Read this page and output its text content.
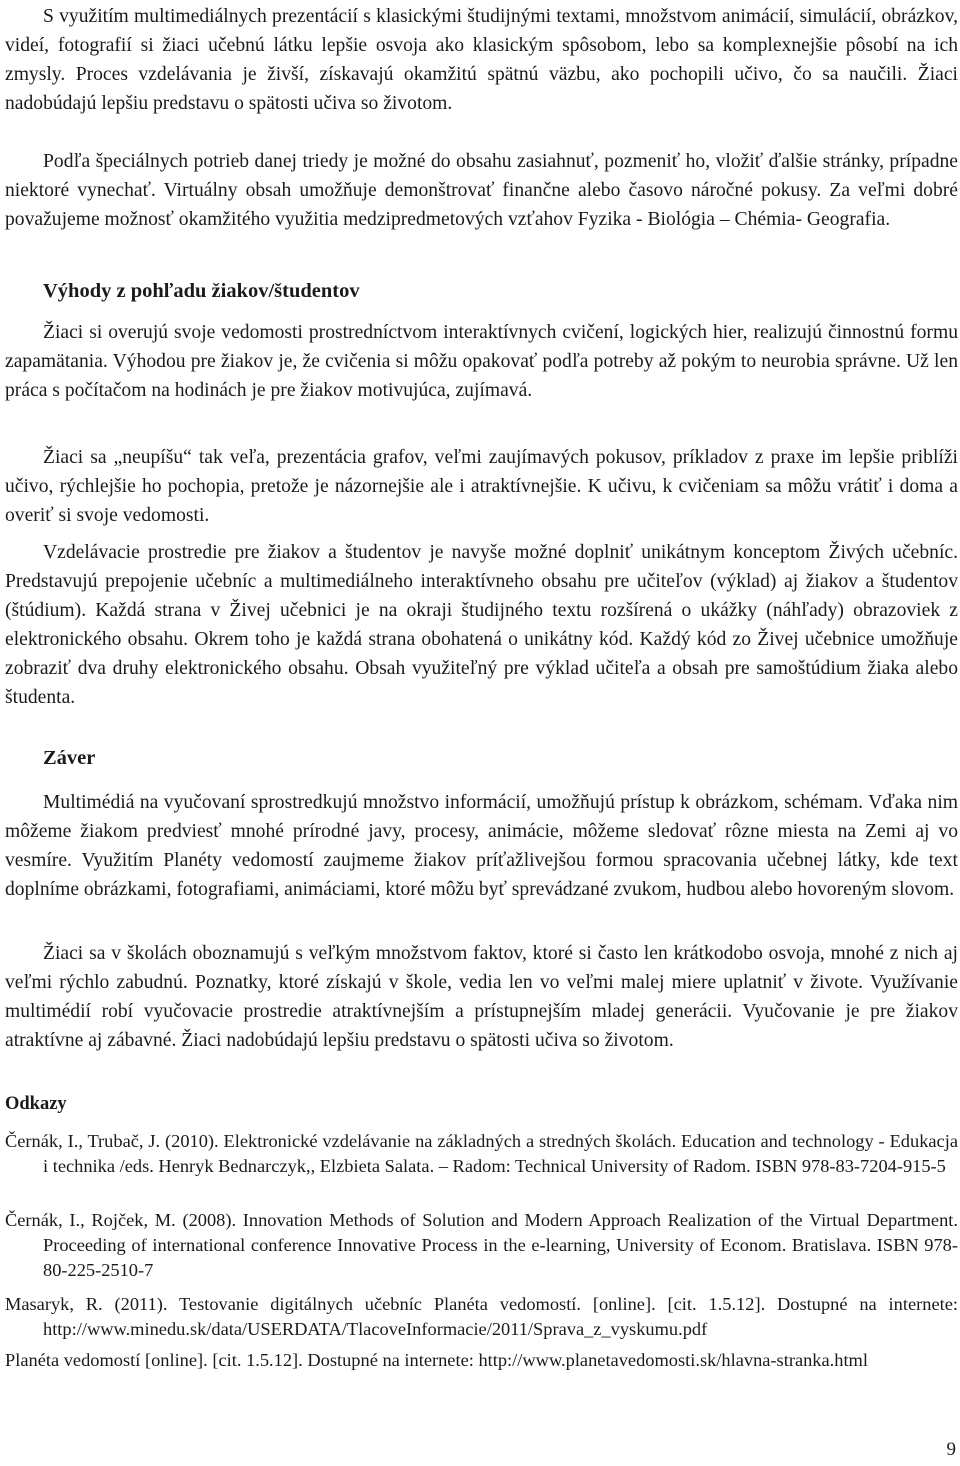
S využitím multimediálnych prezentácií s klasickými študijnými textami, množstvom animácií, simulácií, obrázkov, videí, fotografií si žiaci učebnú látku lepšie osvoja ako klasickým spôsobom, lebo sa komplexnejšie pôsobí na ich zmysly. Proces vzdelávania je živší, získavajú okamžitú spätnú väzbu, ako pochopili učivo, čo sa naučili. Žiaci nadobúdajú lepšiu predstavu o spätosti učiva so životom.

Podľa špeciálnych potrieb danej triedy je možné do obsahu zasiahnuť, pozmeniť ho, vložiť ďalšie stránky, prípadne niektoré vynechať. Virtuálny obsah umožňuje demonštrovať finančne alebo časovo náročné pokusy. Za veľmi dobré považujeme možnosť okamžitého využitia medzipredmetových vzťahov Fyzika - Biológia – Chémia- Geografia.

Výhody z pohľadu žiakov/študentov

Žiaci si overujú svoje vedomosti prostredníctvom interaktívnych cvičení, logických hier, realizujú činnostnú formu zapamätania. Výhodou pre žiakov je, že cvičenia si môžu opakovať podľa potreby až pokým to neurobia správne. Už len práca s počítačom na hodinách je pre žiakov motivujúca, zujímavá.

Žiaci sa „neupíšu“ tak veľa, prezentácia grafov, veľmi zaujímavých pokusov, príkladov z praxe im lepšie priblíži učivo, rýchlejšie ho pochopia, pretože je názornejšie ale i atraktívnejšie. K učivu, k cvičeniam sa môžu vrátiť i doma a overiť si svoje vedomosti.

Vzdelávacie prostredie pre žiakov a študentov je navyše možné doplniť unikátnym konceptom Živých učebníc. Predstavujú prepojenie učebníc a multimediálneho interaktívneho obsahu pre učiteľov (výklad) aj žiakov a študentov (štúdium). Každá strana v Živej učebnici je na okraji študijného textu rozšírená o ukážky (náhľady) obrazoviek z elektronického obsahu. Okrem toho je každá strana obohatená o unikátny kód. Každý kód zo Živej učebnice umožňuje zobraziť dva druhy elektronického obsahu. Obsah využiteľný pre výklad učiteľa a obsah pre samoštúdium žiaka alebo študenta.

Záver

Multimédiá na vyučovaní sprostredkujú množstvo informácií, umožňujú prístup k obrázkom, schémam. Vďaka nim môžeme žiakom predviesť mnohé prírodné javy, procesy, animácie, môžeme sledovať rôzne miesta na Zemi aj vo vesmíre. Využitím Planéty vedomostí zaujmeme žiakov príťažlivejšou formou spracovania učebnej látky, kde text doplníme obrázkami, fotografiami, animáciami, ktoré môžu byť sprevádzané zvukom, hudbou alebo hovoreným slovom.

Žiaci sa v školách oboznamujú s veľkým množstvom faktov, ktoré si často len krátkodobo osvoja, mnohé z nich aj veľmi rýchlo zabudnú. Poznatky, ktoré získajú v škole, vedia len vo veľmi malej miere uplatniť v živote. Využívanie multimédií robí vyučovacie prostredie atraktívnejším a prístupnejším mladej generácii. Vyučovanie je pre žiakov atraktívne aj zábavné. Žiaci nadobúdajú lepšiu predstavu o spätosti učiva so životom.

Odkazy

Černák, I., Trubač, J. (2010). Elektronické vzdelávanie na základných a stredných školách. Education and technology - Edukacja i technika /eds. Henryk Bednarczyk,, Elzbieta Salata. – Radom: Technical University of Radom. ISBN 978-83-7204-915-5

Černák, I., Rojček, M. (2008). Innovation Methods of Solution and Modern Approach Realization of the Virtual Department. Proceeding of international conference Innovative Process in the e-learning, University of Econom. Bratislava. ISBN 978-80-225-2510-7

Masaryk, R. (2011). Testovanie digitálnych učebníc Planéta vedomostí. [online]. [cit. 1.5.12]. Dostupné na internete: http://www.minedu.sk/data/USERDATA/TlacoveInformacie/2011/Sprava_z_vyskumu.pdf

Planéta vedomostí [online]. [cit. 1.5.12]. Dostupné na internete: http://www.planetavedomosti.sk/hlavna-stranka.html

9
